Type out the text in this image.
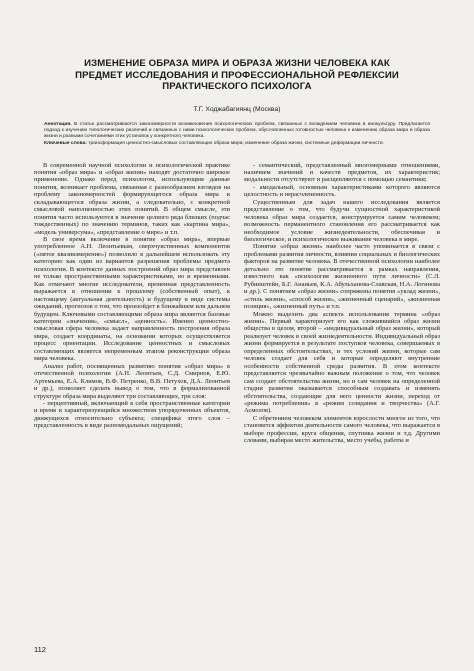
ИЗМЕНЕНИЕ ОБРАЗА МИРА И ОБРАЗА ЖИЗНИ ЧЕЛОВЕКА КАК
ПРЕДМЕТ ИССЛЕДОВАНИЯ И ПРОФЕССИОНАЛЬНОЙ РЕФЛЕКСИИ
ПРАКТИЧЕСКОГО ПСИХОЛОГА
Т.Г. Ходжабагиянц (Москва)
Аннотация. В статье рассматриваются закономерности возникновения психологических проблем, связанных с вхождением человека в инокультуру. Предлагается подход к изучению типологических различий и связанных с ними психологических проблем, обусловленных готовностью человека к изменению образа мира и образа жизни и разными сочетаниями этих установок у конкретного человека.
Ключевые слова: трансформация ценностно-смысловых составляющих образа мира; изменение образа жизни, системные деформации личности.

В современной научной психологии и психологической практике понятия «образ мира» и «образ жизни» находят достаточно широкое применение. Однако перед психологом, использующим данные понятия, возникает проблема, связанная с разнообразием взглядов на проблему закономерностей формирующегося образа мира и складывающегося образа жизни, а следовательно, с конкретной смысловой наполненностью этих понятий. В общем смысле, эти понятия часто используются в значение целиого ряда близких (подчас тождественных) по значению терминов, таких как «картина мира», «модель универсума», «представление о мире» и т.п.

В свое время включение в понятие «образ мира», впервые употребленное А.Н. Леонтьевым, сверхчувственных компонентов («пятое квазиизмерение») позволило в дальнейшем использовать эту категорию как один из вариантов разрешения проблемы предмета психологии. В контексте данных построений образ мира представлен не только пространственными характеристиками, но и временными. Как отмечают многие исследователи, временная представленность выражается в отношении к прошлому (собственный опыт), к настоящему (актуальная деятельность) и будущему в виде системы ожиданий, прогнозов о том, что произойдет в ближайшем или дальнем будущем. Ключевыми составляющими образа мира являются базовые категории «значения», «смысл», «ценность». Именно ценностно-смысловая сфера человека задает направленность построения образа мира, создает координаты, на основании которых осуществляется процесс ориентации. Исследование ценностных и смысловых составляющих является непременным этапом реконструкции образа мира человека.

Анализ работ, посвященных развитию понятия «образ мира» в отечественной психологии (А.Н. Леонтьев, С.Д. Смирнов, Е.Ю. Артемьева, Е.А. Климов, В.Ф. Петренко, В.В. Петухов, Д.А. Леонтьев и др.), позволяет сделать вывод о том, что в формализованной структуре образа мира выделяют три составляющих, три слоя:

- перцептивный, включающий в себя пространственные категории и время и характеризующийся множеством упорядоченных объектов, движущихся относительно субъекта; специфика этого слоя – представленность в виде разномодальных ощущений;

- семантический, представленный многомерными отношениями, наличием значений и качеств предметов, их характеристик; модальности отсутствуют и расщепляются с помощью семантики;

- амодальный, основным характеристиками которого являются целостность и нерасчлененность.

Существенным для задач нашего исследования является представление о том, что будучи сущностной характеристикой человека образ мира создается, конструируется самим человеком; возможность перманентного становления его рассматривается как необходимое условие жизнедеятельности, обеспечивая и биологическое, и психологическое выживание человека в мире.

Понятие «образ жизни» наиболее часто упоминается в связи с проблемами развития личности, влияния социальных и биологических факторов на развитие человека. В отечественной психологии наиболее детально это понятие рассматривается в рамках направления, известного как «психология жизненного пути личности» (С.Л. Рубинштейн, Б.Г. Ананьев, К.А. Абульханова-Славская, Н.А. Логинова и др.). С понятием «образ жизни» сопряжены понятия «уклад жизни», «стиль жизни», «способ жизни», «жизненный сценарий», «жизненная позиция», «жизненный путь» и т.п.

Можно выделить два аспекта использования термина «образ жизни». Первый характеризует его как сложившийся образ жизни общества в целом, второй – «индивидуальный образ жизни», который реализует человек в своей жизнедеятельности. Индивидуальный образ жизни формируется в результате поступков человека, совершаемых в определенных обстоятельствах, и тех условий жизни, которые сам человек создает для себя и которые определяют внутренние особенности собственной среды развития. В этом контексте представляется чрезвычайно важным положение о том, что человек сам создает обстоятельства жизни, но и сам человек на определенной стадии развития оказывается способным создавать и изменять обстоятельства, создающие для него ценности жизни, переход от «режима потребления» в «режим созидания и творчества» (А.Г. Асмолов).

С обретением человеком элементов взрослости многое из того, что становится эффектом деятельности самого человека, что выражается в выборе профессии, круга общения, спутника жизни и т.д. Другими словами, выбирая место жительства, место учебы, работы и

112
